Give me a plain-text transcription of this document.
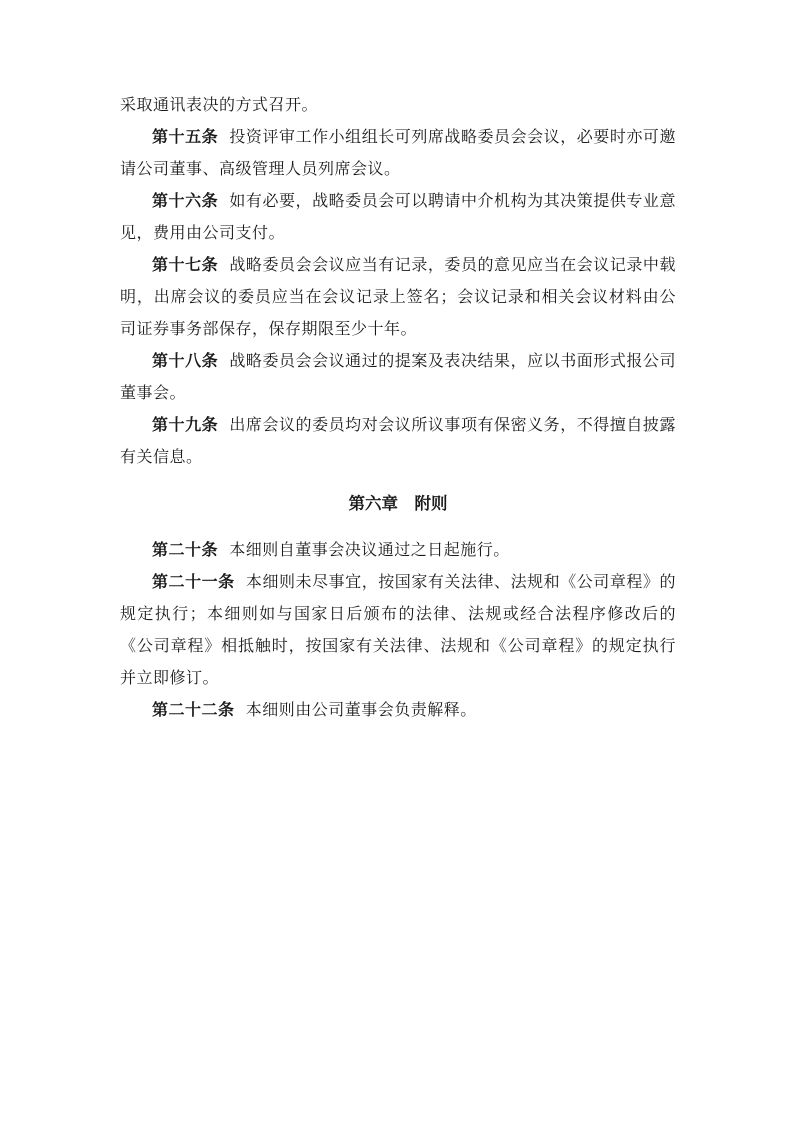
采取通讯表决的方式召开。

第十五条 投资评审工作小组组长可列席战略委员会会议，必要时亦可邀请公司董事、高级管理人员列席会议。

第十六条 如有必要，战略委员会可以聘请中介机构为其决策提供专业意见，费用由公司支付。

第十七条 战略委员会会议应当有记录，委员的意见应当在会议记录中载明，出席会议的委员应当在会议记录上签名；会议记录和相关会议材料由公司证券事务部保存，保存期限至少十年。

第十八条 战略委员会会议通过的提案及表决结果，应以书面形式报公司董事会。

第十九条 出席会议的委员均对会议所议事项有保密义务，不得擅自披露有关信息。

第六章 附则

第二十条 本细则自董事会决议通过之日起施行。

第二十一条 本细则未尽事宜，按国家有关法律、法规和《公司章程》的规定执行；本细则如与国家日后颁布的法律、法规或经合法程序修改后的《公司章程》相抵触时，按国家有关法律、法规和《公司章程》的规定执行并立即修订。

第二十二条 本细则由公司董事会负责解释。
